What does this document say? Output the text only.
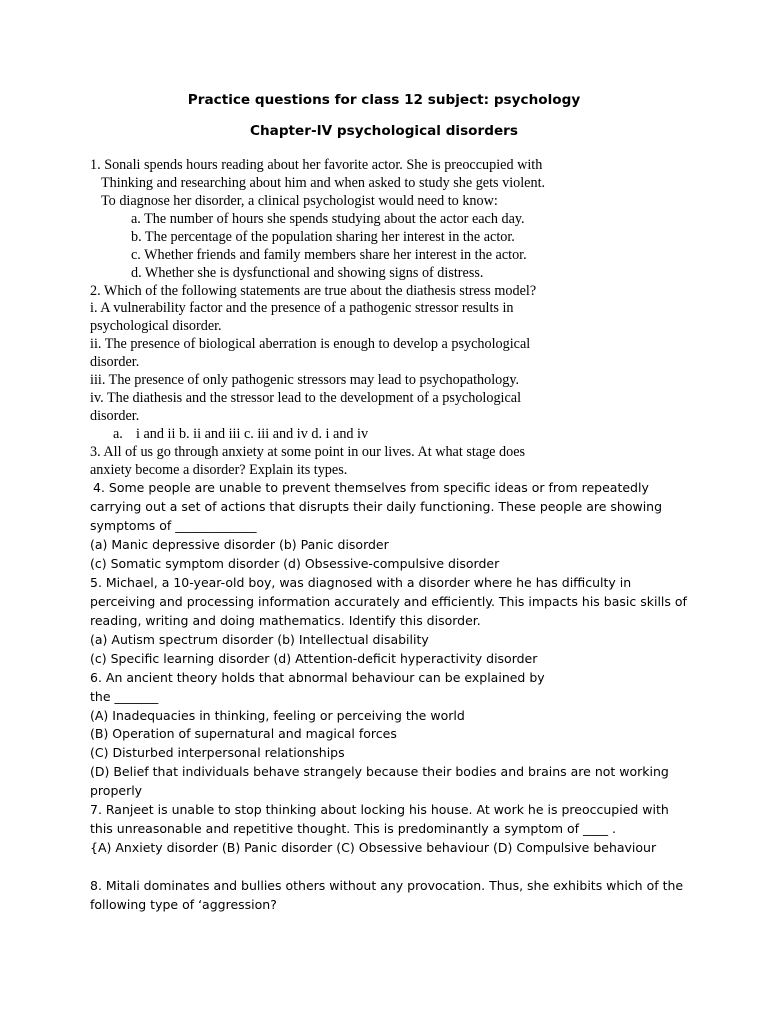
Practice questions for class 12 subject: psychology
Chapter-IV psychological disorders
1. Sonali spends hours reading about her favorite actor. She is preoccupied with
Thinking and researching about him and when asked to study she gets violent.
To diagnose her disorder, a clinical psychologist would need to know:
a. The number of hours she spends studying about the actor each day.
b. The percentage of the population sharing her interest in the actor.
c. Whether friends and family members share her interest in the actor.
d. Whether she is dysfunctional and showing signs of distress.
2. Which of the following statements are true about the diathesis stress model?
i. A vulnerability factor and the presence of a pathogenic stressor results in
psychological disorder.
ii. The presence of biological aberration is enough to develop a psychological
disorder.
iii. The presence of only pathogenic stressors may lead to psychopathology.
iv. The diathesis and the stressor lead to the development of a psychological
disorder.
a. i and ii b. ii and iii c. iii and iv d. i and iv
3. All of us go through anxiety at some point in our lives. At what stage does
anxiety become a disorder? Explain its types.
4. Some people are unable to prevent themselves from specific ideas or from repeatedly
carrying out a set of actions that disrupts their daily functioning. These people are showing
symptoms of _____________
(a) Manic depressive disorder (b) Panic disorder
(c) Somatic symptom disorder (d) Obsessive-compulsive disorder
5. Michael, a 10-year-old boy, was diagnosed with a disorder where he has difficulty in
perceiving and processing information accurately and efficiently. This impacts his basic skills of
reading, writing and doing mathematics. Identify this disorder.
(a) Autism spectrum disorder (b) Intellectual disability
(c) Specific learning disorder (d) Attention-deficit hyperactivity disorder
6. An ancient theory holds that abnormal behaviour can be explained by
the _______
(A) Inadequacies in thinking, feeling or perceiving the world
(B) Operation of supernatural and magical forces
(C) Disturbed interpersonal relationships
(D) Belief that individuals behave strangely because their bodies and brains are not working
properly
7. Ranjeet is unable to stop thinking about locking his house. At work he is preoccupied with
this unreasonable and repetitive thought. This is predominantly a symptom of ____ .
{A) Anxiety disorder (B) Panic disorder (C) Obsessive behaviour (D) Compulsive behaviour
8. Mitali dominates and bullies others without any provocation. Thus, she exhibits which of the
following type of ‘aggression?
